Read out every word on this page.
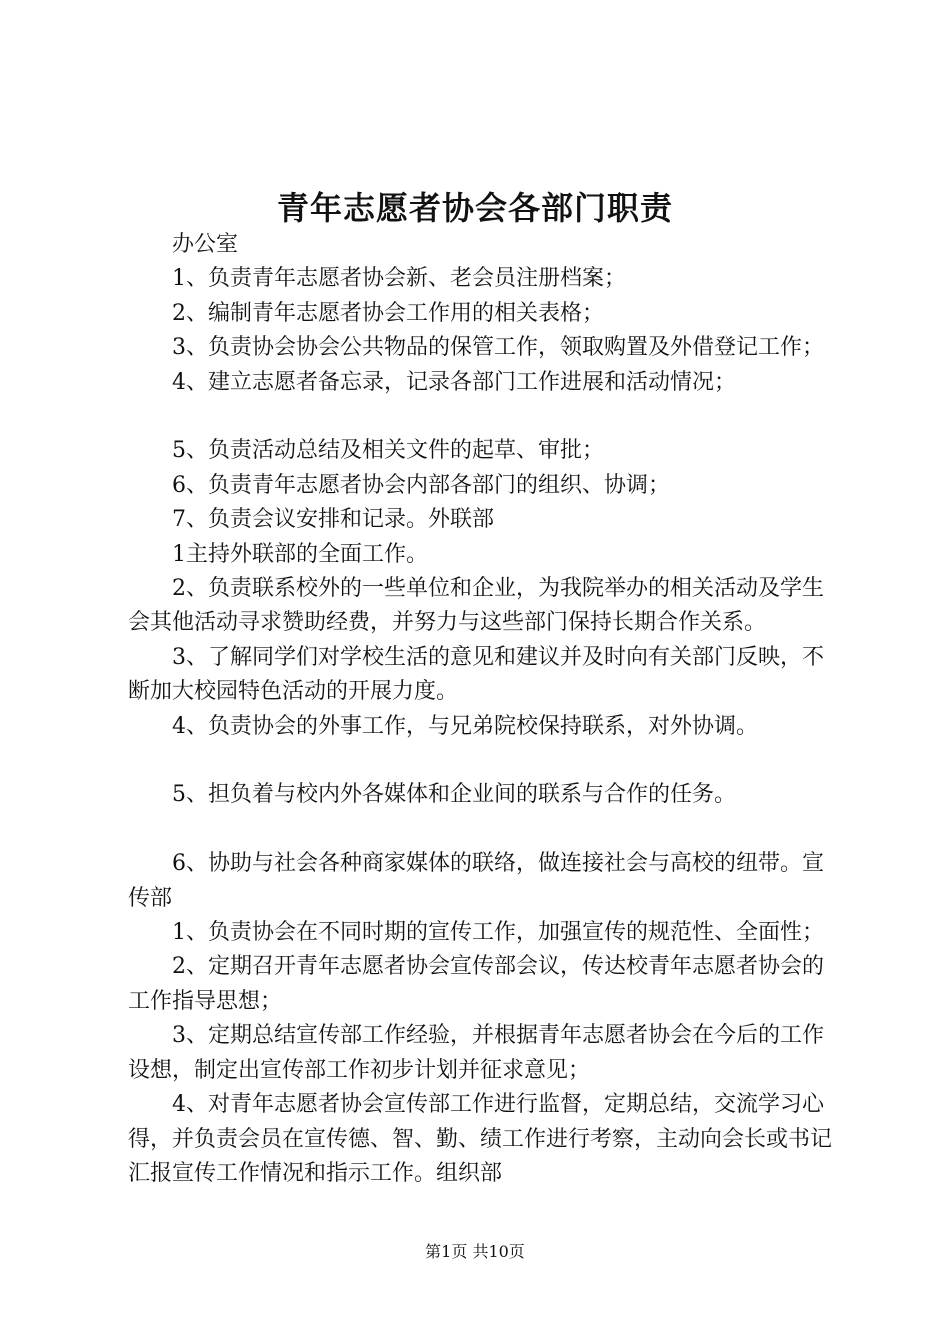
青年志愿者协会各部门职责

办公室

1、负责青年志愿者协会新、老会员注册档案；

2、编制青年志愿者协会工作用的相关表格；

3、负责协会协会公共物品的保管工作，领取购置及外借登记工作；

4、建立志愿者备忘录，记录各部门工作进展和活动情况；

5、负责活动总结及相关文件的起草、审批；

6、负责青年志愿者协会内部各部门的组织、协调；

7、负责会议安排和记录。外联部

1主持外联部的全面工作。

2、负责联系校外的一些单位和企业，为我院举办的相关活动及学生会其他活动寻求赞助经费，并努力与这些部门保持长期合作关系。

3、了解同学们对学校生活的意见和建议并及时向有关部门反映，不断加大校园特色活动的开展力度。

4、负责协会的外事工作，与兄弟院校保持联系，对外协调。

5、担负着与校内外各媒体和企业间的联系与合作的任务。

6、协助与社会各种商家媒体的联络，做连接社会与高校的纽带。宣传部

1、负责协会在不同时期的宣传工作，加强宣传的规范性、全面性；

2、定期召开青年志愿者协会宣传部会议，传达校青年志愿者协会的工作指导思想；

3、定期总结宣传部工作经验，并根据青年志愿者协会在今后的工作设想，制定出宣传部工作初步计划并征求意见；

4、对青年志愿者协会宣传部工作进行监督，定期总结，交流学习心得，并负责会员在宣传德、智、勤、绩工作进行考察，主动向会长或书记汇报宣传工作情况和指示工作。组织部

第1页 共10页
